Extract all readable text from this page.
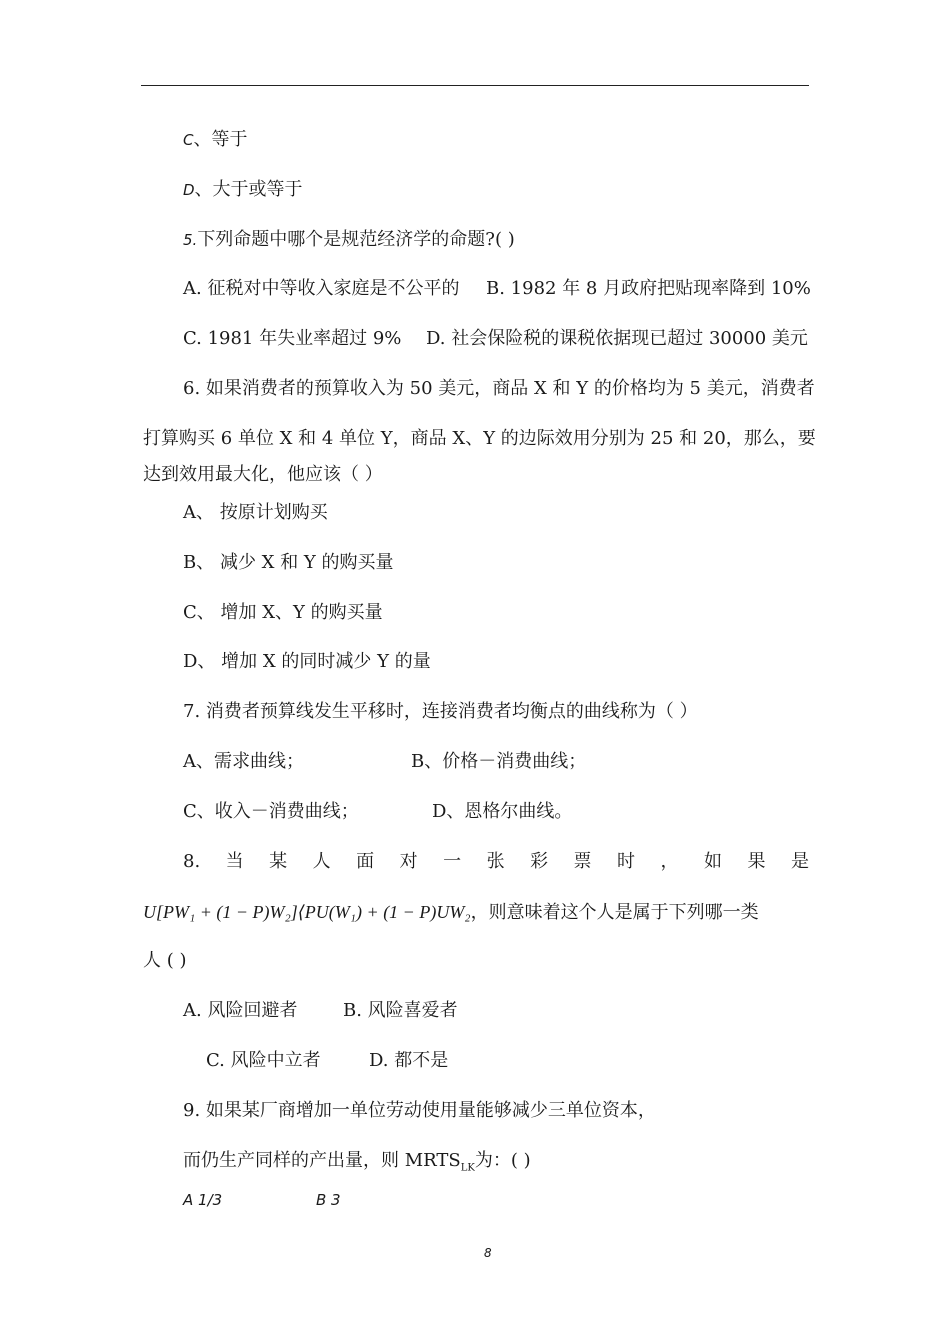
C、等于
D、大于或等于
5.下列命题中哪个是规范经济学的命题?( )
A. 征税对中等收入家庭是不公平的 B. 1982 年 8 月政府把贴现率降到 10%
C. 1981 年失业率超过 9% D. 社会保险税的课税依据现已超过 30000 美元
6. 如果消费者的预算收入为 50 美元，商品 X 和 Y 的价格均为 5 美元，消费者
打算购买 6 单位 X 和 4 单位 Y，商品 X、Y 的边际效用分别为 25 和 20，那么，要
达到效用最大化，他应该（ ）
A、 按原计划购买
B、 减少 X 和 Y 的购买量
C、 增加 X、Y 的购买量
D、 增加 X 的同时减少 Y 的量
7. 消费者预算线发生平移时，连接消费者均衡点的曲线称为（ ）
A、需求曲线；	B、价格－消费曲线；
C、收入－消费曲线；	D、恩格尔曲线。
8. 当 某 人 面 对 一 张 彩 票 时 ， 如 果 是
U[PW₁ + (1 − P)W₂]⟨PU(W₁) + (1 − P)UW₂，则意味着这个人是属于下列哪一类
人 ( )
A. 风险回避者	B. 风险喜爱者
C. 风险中立者	D. 都不是
9. 如果某厂商增加一单位劳动使用量能够减少三单位资本，
而仍生产同样的产出量，则 $MRTS_{LK}$为：( )
A 1/3	B 3
8
